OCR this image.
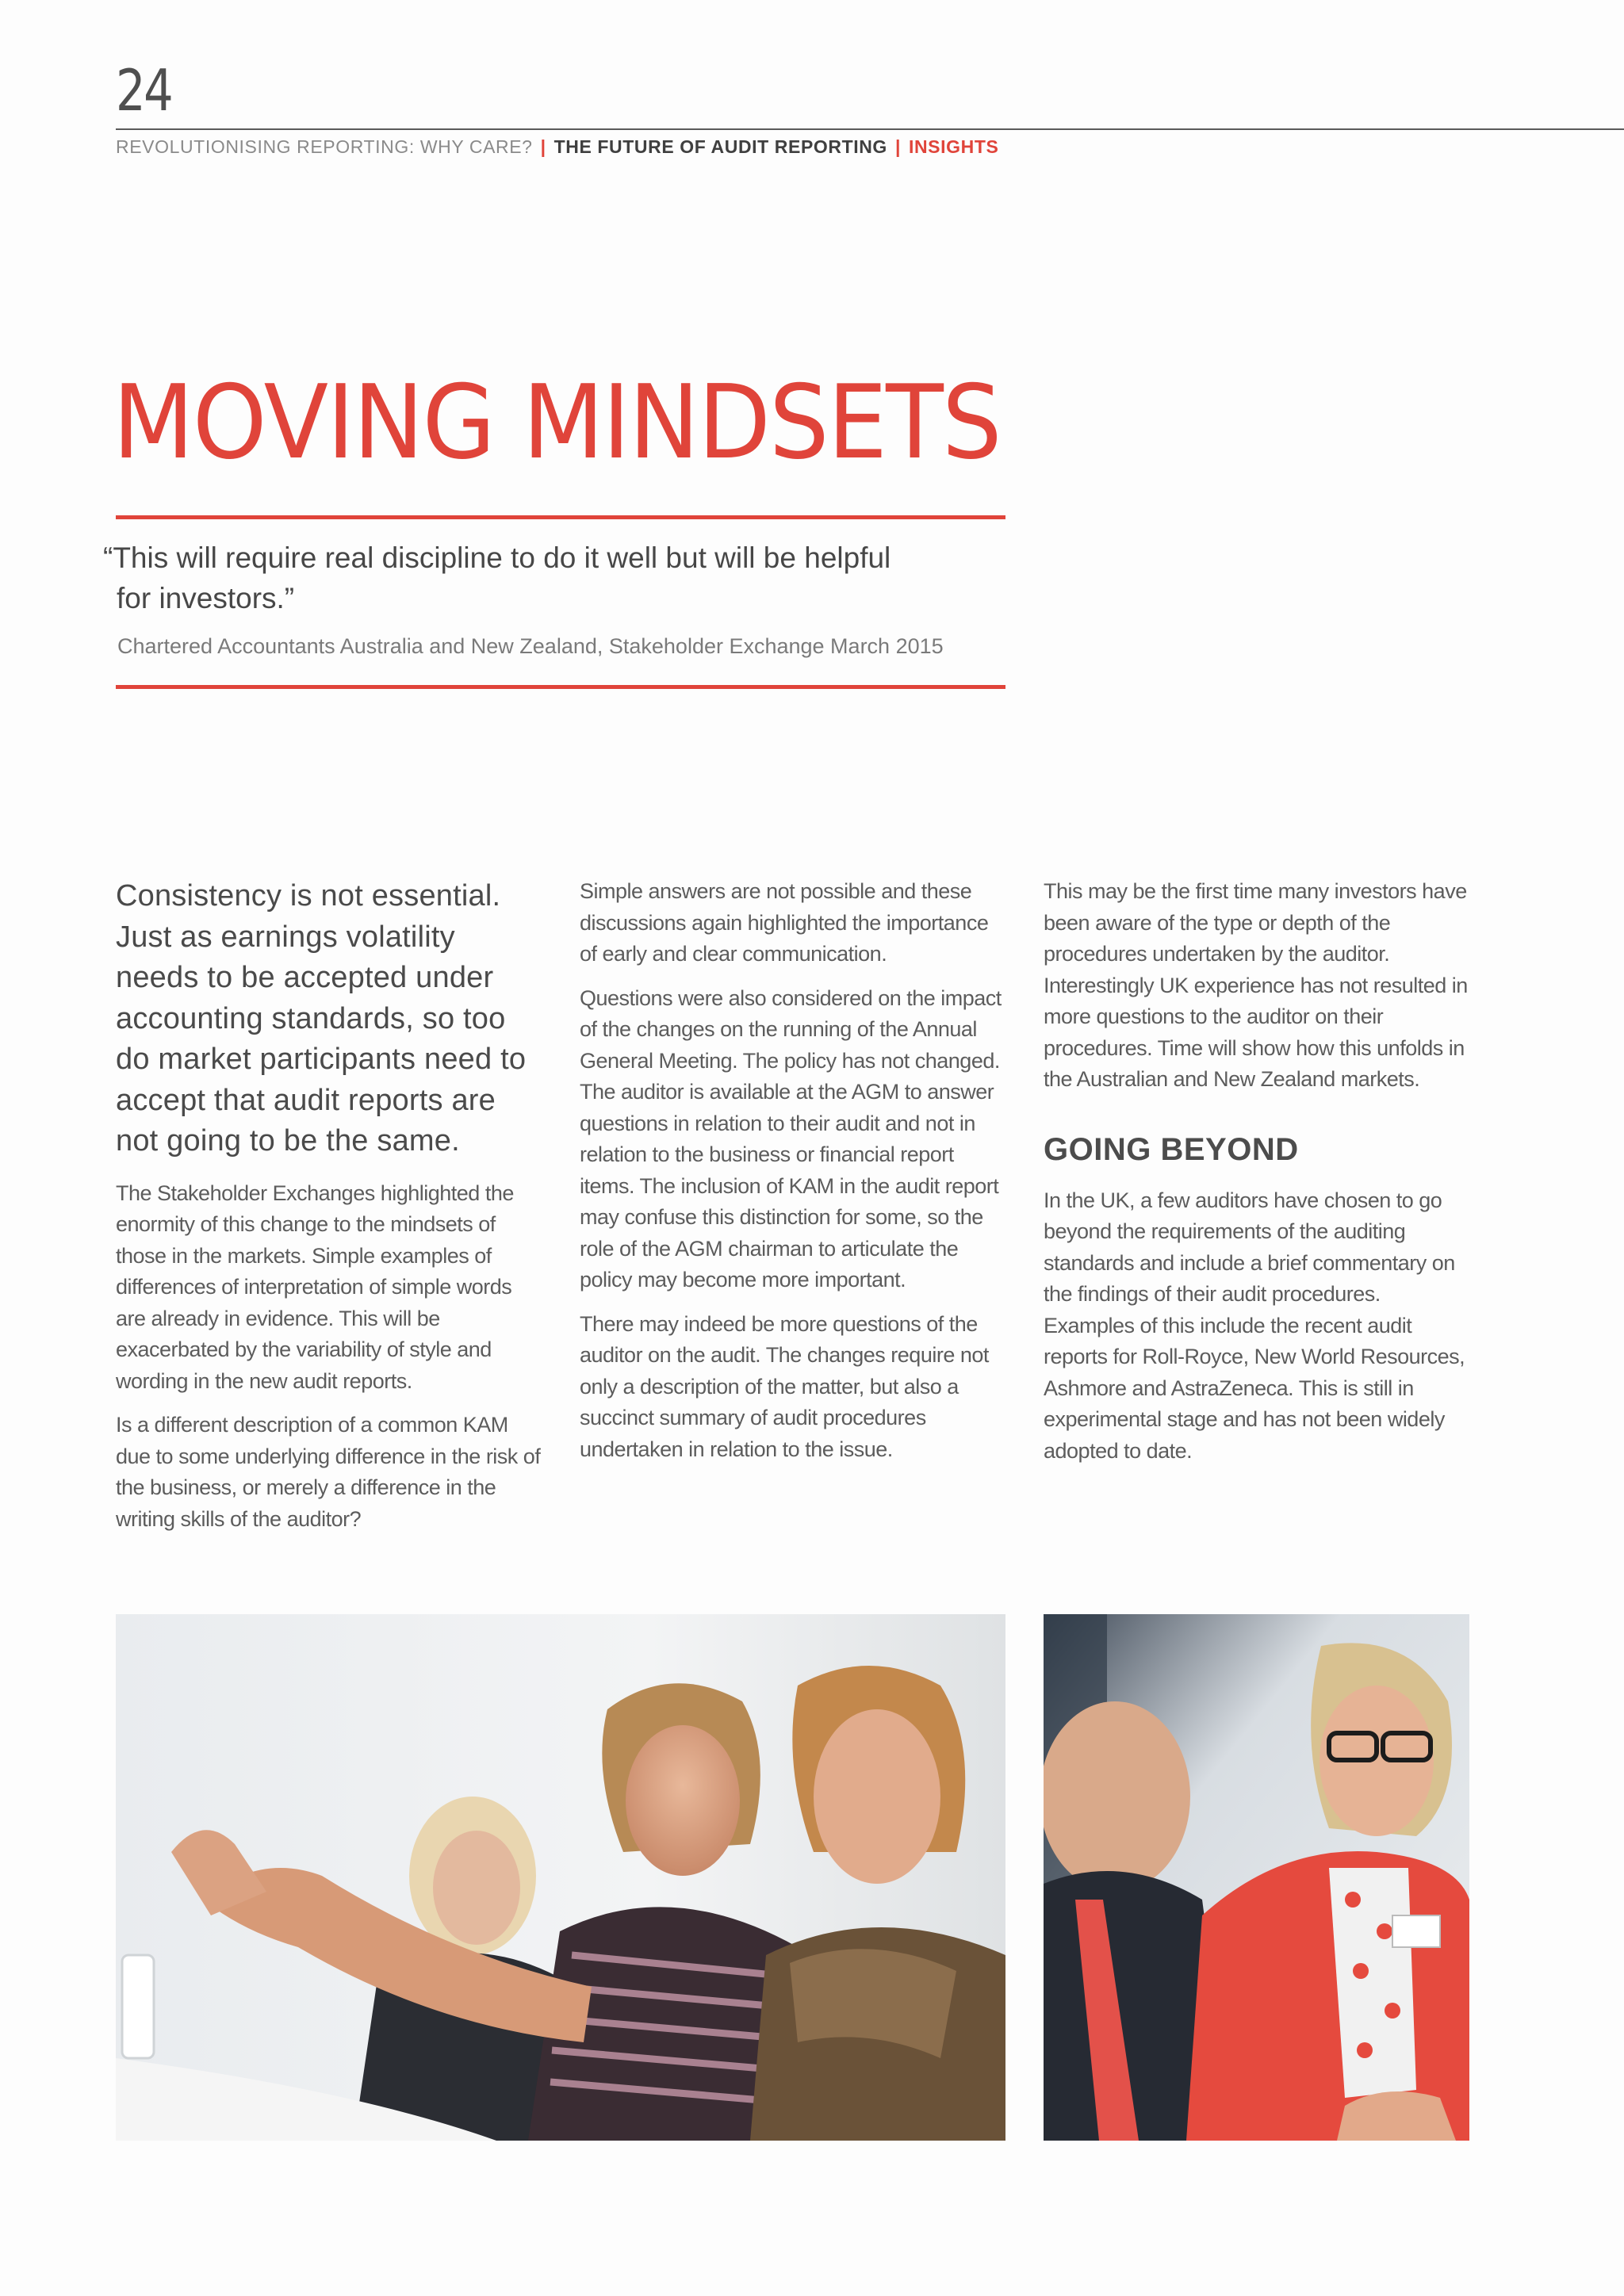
24
REVOLUTIONISING REPORTING: WHY CARE? | THE FUTURE OF AUDIT REPORTING | INSIGHTS
MOVING MINDSETS
“This will require real discipline to do it well but will be helpful
for investors.”
Chartered Accountants Australia and New Zealand, Stakeholder Exchange March 2015

Consistency is not essential. Just as earnings volatility needs to be accepted under accounting standards, so too do market participants need to accept that audit reports are not going to be the same.

The Stakeholder Exchanges highlighted the enormity of this change to the mindsets of those in the markets. Simple examples of differences of interpretation of simple words are already in evidence. This will be exacerbated by the variability of style and wording in the new audit reports.

Is a different description of a common KAM due to some underlying difference in the risk of the business, or merely a difference in the writing skills of the auditor?

Simple answers are not possible and these discussions again highlighted the importance of early and clear communication.

Questions were also considered on the impact of the changes on the running of the Annual General Meeting. The policy has not changed. The auditor is available at the AGM to answer questions in relation to their audit and not in relation to the business or financial report items. The inclusion of KAM in the audit report may confuse this distinction for some, so the role of the AGM chairman to articulate the policy may become more important.

There may indeed be more questions of the auditor on the audit. The changes require not only a description of the matter, but also a succinct summary of audit procedures undertaken in relation to the issue.

This may be the first time many investors have been aware of the type or depth of the procedures undertaken by the auditor. Interestingly UK experience has not resulted in more questions to the auditor on their procedures. Time will show how this unfolds in the Australian and New Zealand markets.

GOING BEYOND

In the UK, a few auditors have chosen to go beyond the requirements of the auditing standards and include a brief commentary on the findings of their audit procedures. Examples of this include the recent audit reports for Roll-Royce, New World Resources, Ashmore and AstraZeneca. This is still in experimental stage and has not been widely adopted to date.
